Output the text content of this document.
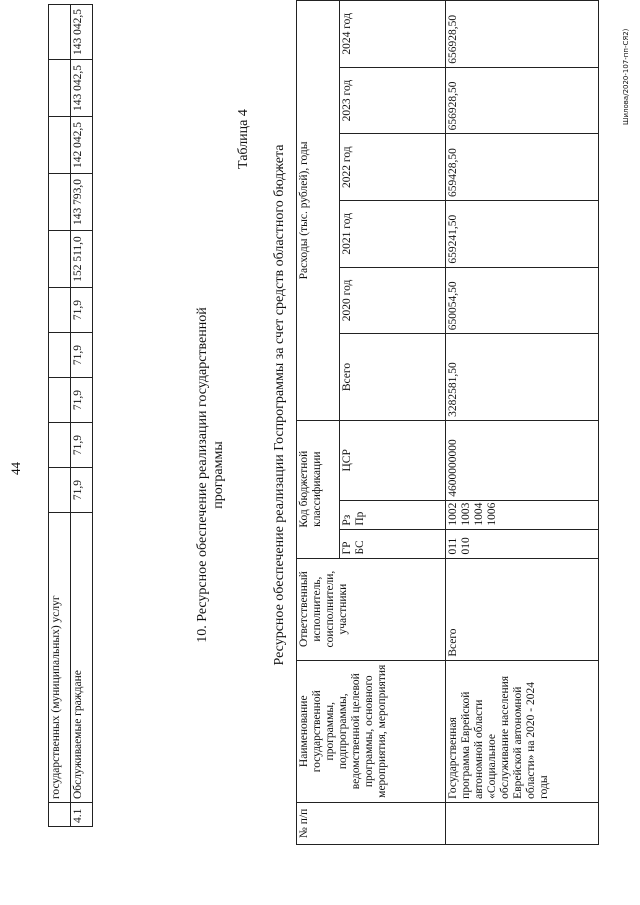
44
	государственных (муниципальных) услуг										
4.1	Обслуживаемые граждане	71,9	71,9	71,9	71,9	71,9	152 511,0	143 793,0	142 042,5	143 042,5	143 042,5
10. Ресурсное обеспечение реализации государственной программы
Таблица 4
Ресурсное обеспечение реализации Госпрограммы за счет средств областного бюджета
№ п/п	Наименование государственной программы, подпрограммы, ведомственной целевой программы, основного мероприятия, мероприятия	Ответственный исполнитель, соисполнители, участники	Код бюджетной классификации			Расходы (тыс. рублей), годы					
			ГР БС	Рз Пр	ЦСР	Всего	2020 год	2021 год	2022 год	2023 год	2024 год
	Государственная программа Еврейской автономной области «Социальное обслуживание населения Еврейской автономной области» на 2020 - 2024 годы	Всего	011 010	1002 1003 1004 1006	4600000000	3282581,50	650054,50	659241,50	659428,50	656928,50	656928,50	Шилова/2020-107-пп-СЯ2)
